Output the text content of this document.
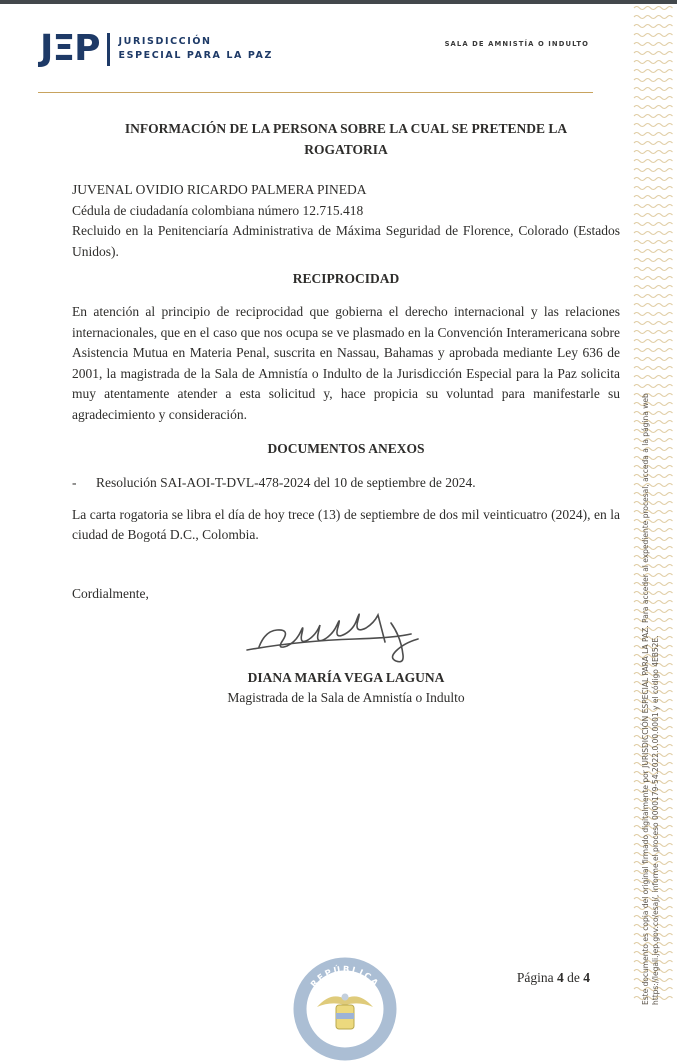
Este documento es copia del original firmado digitalmente por JURISDICCIÓN ESPECIAL PARA LA PAZ. Para acceder al expediente procesal, acceda a la página web https://legali.jep.gov.co/esaj/, informe el proceso 0000179-54.2022.0.00.0001 y el código 4EB52E.
JΞP JURISDICCIÓN
ESPECIAL PARA LA PAZ
SALA DE AMNISTÍA O INDULTO
INFORMACIÓN DE LA PERSONA SOBRE LA CUAL SE PRETENDE LA ROGATORIA
JUVENAL OVIDIO RICARDO PALMERA PINEDA
Cédula de ciudadanía colombiana número 12.715.418
Recluido en la Penitenciaría Administrativa de Máxima Seguridad de Florence, Colorado (Estados Unidos).
RECIPROCIDAD

En atención al principio de reciprocidad que gobierna el derecho internacional y las relaciones internacionales, que en el caso que nos ocupa se ve plasmado en la Convención Interamericana sobre Asistencia Mutua en Materia Penal, suscrita en Nassau, Bahamas y aprobada mediante Ley 636 de 2001, la magistrada de la Sala de Amnistía o Indulto de la Jurisdicción Especial para la Paz solicita muy atentamente atender a esta solicitud y, hace propicia su voluntad para manifestarle su agradecimiento y consideración.

DOCUMENTOS ANEXOS
-	Resolución SAI-AOI-T-DVL-478-2024 del 10 de septiembre de 2024.

La carta rogatoria se libra el día de hoy trece (13) de septiembre de dos mil veinticuatro (2024), en la ciudad de Bogotá D.C., Colombia.

Cordialmente,
DIANA MARÍA VEGA LAGUNA
Magistrada de la Sala de Amnistía o Indulto
REPÚBLICA	Página 4 de 4
